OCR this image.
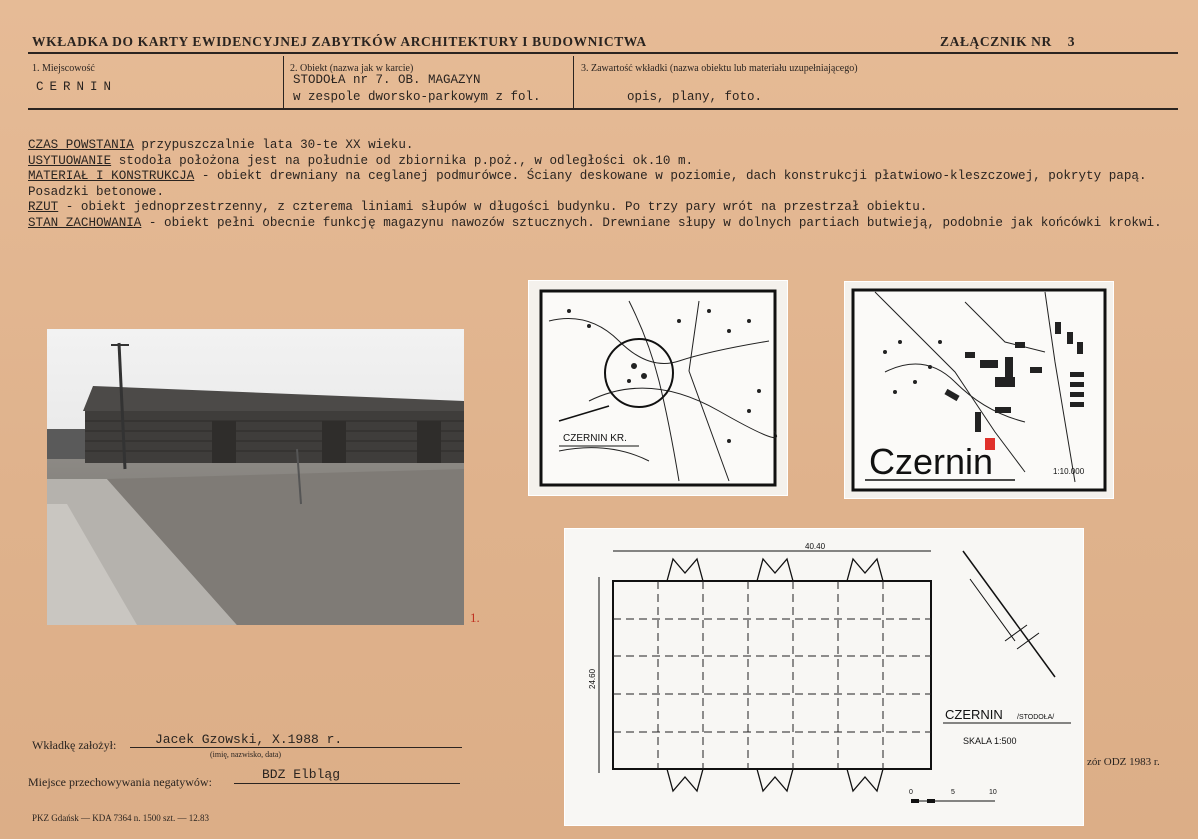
WKŁADKA DO KARTY EWIDENCYJNEJ ZABYTKÓW ARCHITEKTURY I BUDOWNICTWA	ZAŁĄCZNIK NR 3
1. Miejscowość
CERNIN
2. Obiekt (nazwa jak w karcie)
STODOŁA nr 7. OB. MAGAZYN
w zespole dworsko-parkowym z fol.
3. Zawartość wkładki (nazwa obiektu lub materiału uzupełniającego)
opis, plany, foto.

CZAS POWSTANIA przypuszczalnie lata 30-te XX wieku.

USYTUOWANIE stodoła położona jest na południe od zbiornika p.poż., w odległości ok.10 m.

MATERIAŁ I KONSTRUKCJA - obiekt drewniany na ceglanej podmurówce. Ściany deskowane w poziomie, dach konstrukcji płatwiowo-kleszczowej, pokryty papą. Posadzki betonowe.

RZUT - obiekt jednoprzestrzenny, z czterema liniami słupów w długości budynku. Po trzy pary wrót na przestrzał obiektu.

STAN ZACHOWANIA - obiekt pełni obecnie funkcję magazynu nawozów sztucznych. Drewniane słupy w dolnych partiach butwieją, podobnie jak końcówki krokwi.

1.
CZERNIN KR.
Czernin	1:10.000
40.40
24.60
CZERNIN /STODOŁA/
SKALA 1:500
0	5	10
Wkładkę założył:	Jacek Gzowski, X.1988 r.
(imię, nazwisko, data)
Miejsce przechowywania negatywów:	BDZ Elbląg
zór ODZ 1983 r.
PKZ Gdańsk — KDA 7364 n. 1500 szt. — 12.83
